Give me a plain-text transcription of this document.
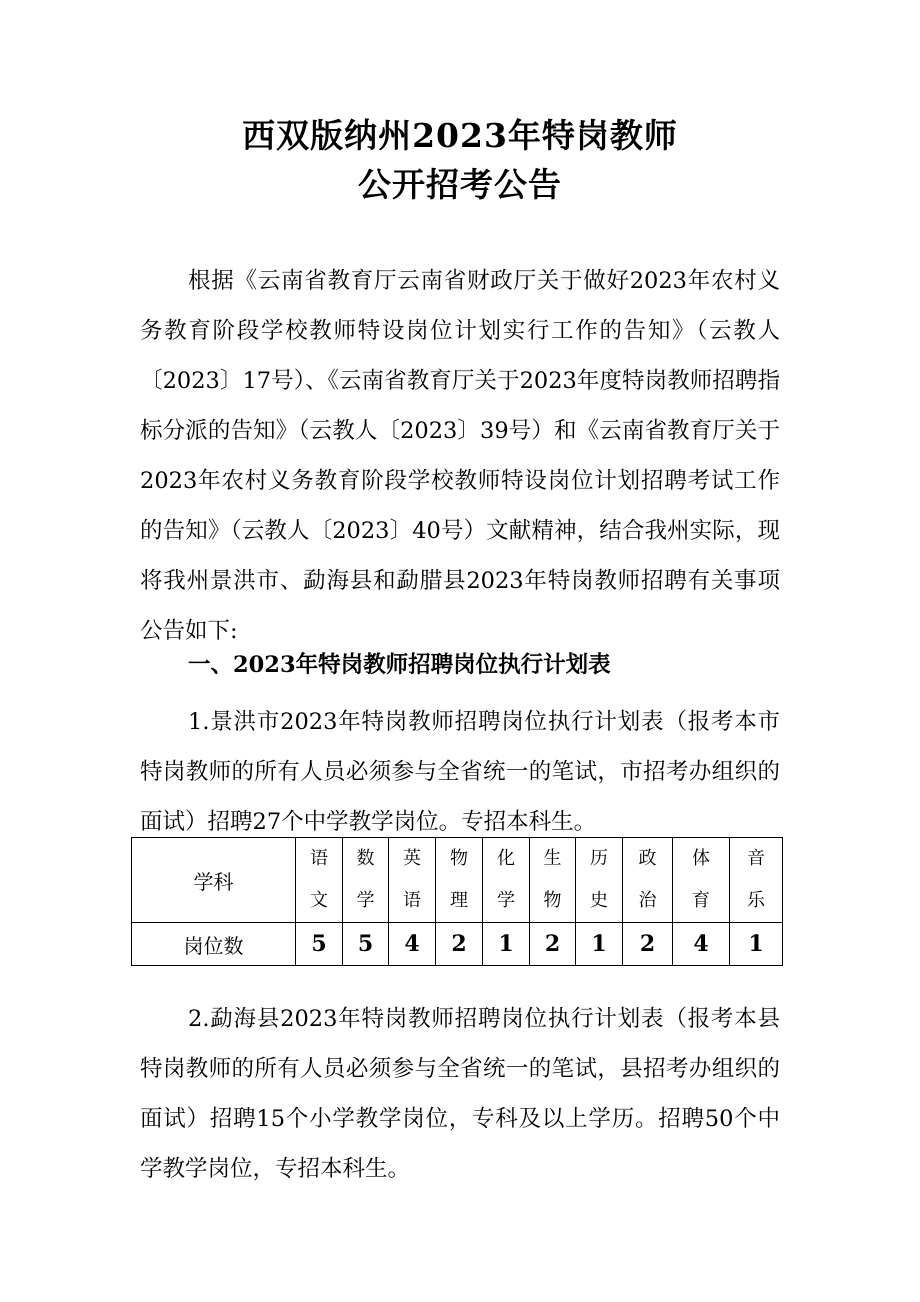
西双版纳州2023年特岗教师
公开招考公告
根据《云南省教育厅云南省财政厅关于做好2023年农村义务教育阶段学校教师特设岗位计划实行工作的告知》（云教人〔2023〕17号）、《云南省教育厅关于2023年度特岗教师招聘指标分派的告知》（云教人〔2023〕39号）和《云南省教育厅关于2023年农村义务教育阶段学校教师特设岗位计划招聘考试工作的告知》（云教人〔2023〕40号）文献精神，结合我州实际，现将我州景洪市、勐海县和勐腊县2023年特岗教师招聘有关事项公告如下:
一、2023年特岗教师招聘岗位执行计划表
1.景洪市2023年特岗教师招聘岗位执行计划表（报考本市特岗教师的所有人员必须参与全省统一的笔试，市招考办组织的面试）招聘27个中学教学岗位。专招本科生。
学科	语文	数学	英语	物理	化学	生物	历史	政治	体育	音乐
岗位数	5	5	4	2	1	2	1	2	4	1
2.勐海县2023年特岗教师招聘岗位执行计划表（报考本县特岗教师的所有人员必须参与全省统一的笔试，县招考办组织的面试）招聘15个小学教学岗位，专科及以上学历。招聘50个中学教学岗位，专招本科生。
